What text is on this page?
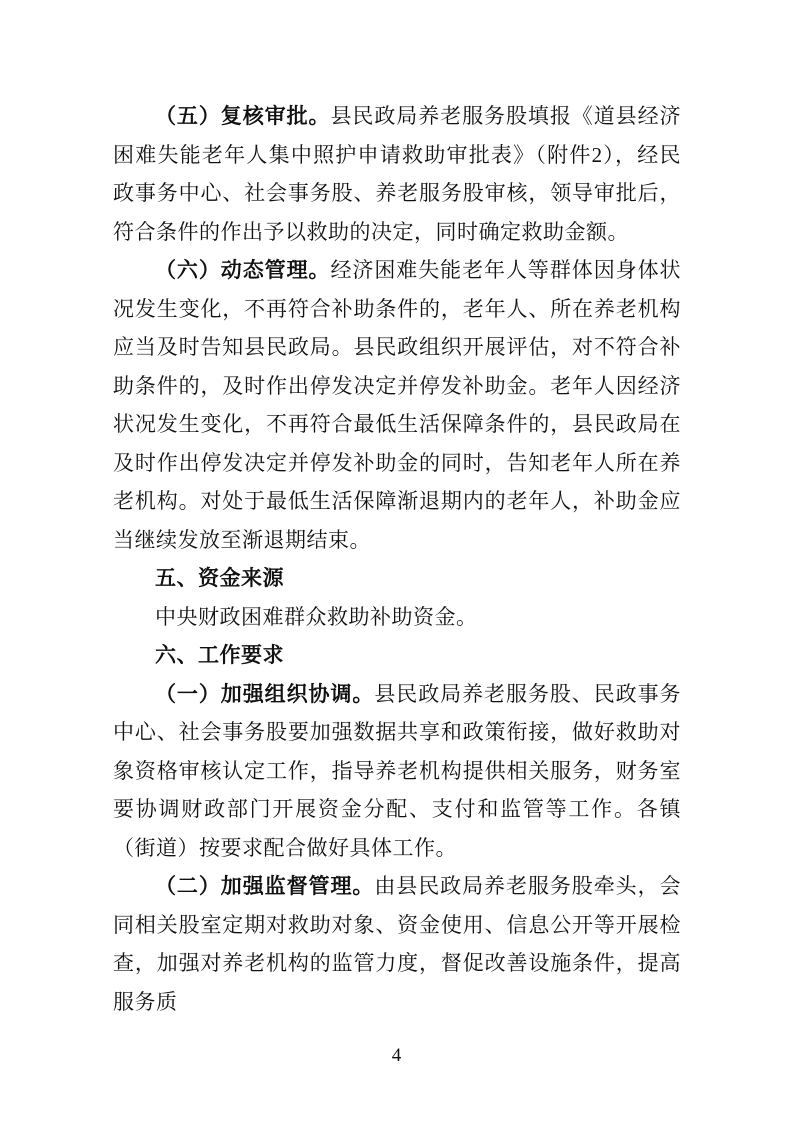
（五）复核审批。县民政局养老服务股填报《道县经济困难失能老年人集中照护申请救助审批表》（附件2），经民政事务中心、社会事务股、养老服务股审核，领导审批后，符合条件的作出予以救助的决定，同时确定救助金额。

（六）动态管理。经济困难失能老年人等群体因身体状况发生变化，不再符合补助条件的，老年人、所在养老机构应当及时告知县民政局。县民政组织开展评估，对不符合补助条件的，及时作出停发决定并停发补助金。老年人因经济状况发生变化，不再符合最低生活保障条件的，县民政局在及时作出停发决定并停发补助金的同时，告知老年人所在养老机构。对处于最低生活保障渐退期内的老年人，补助金应当继续发放至渐退期结束。

五、资金来源

中央财政困难群众救助补助资金。

六、工作要求

（一）加强组织协调。县民政局养老服务股、民政事务中心、社会事务股要加强数据共享和政策衔接，做好救助对象资格审核认定工作，指导养老机构提供相关服务，财务室要协调财政部门开展资金分配、支付和监管等工作。各镇（街道）按要求配合做好具体工作。

（二）加强监督管理。由县民政局养老服务股牵头，会同相关股室定期对救助对象、资金使用、信息公开等开展检查，加强对养老机构的监管力度，督促改善设施条件，提高服务质

4
